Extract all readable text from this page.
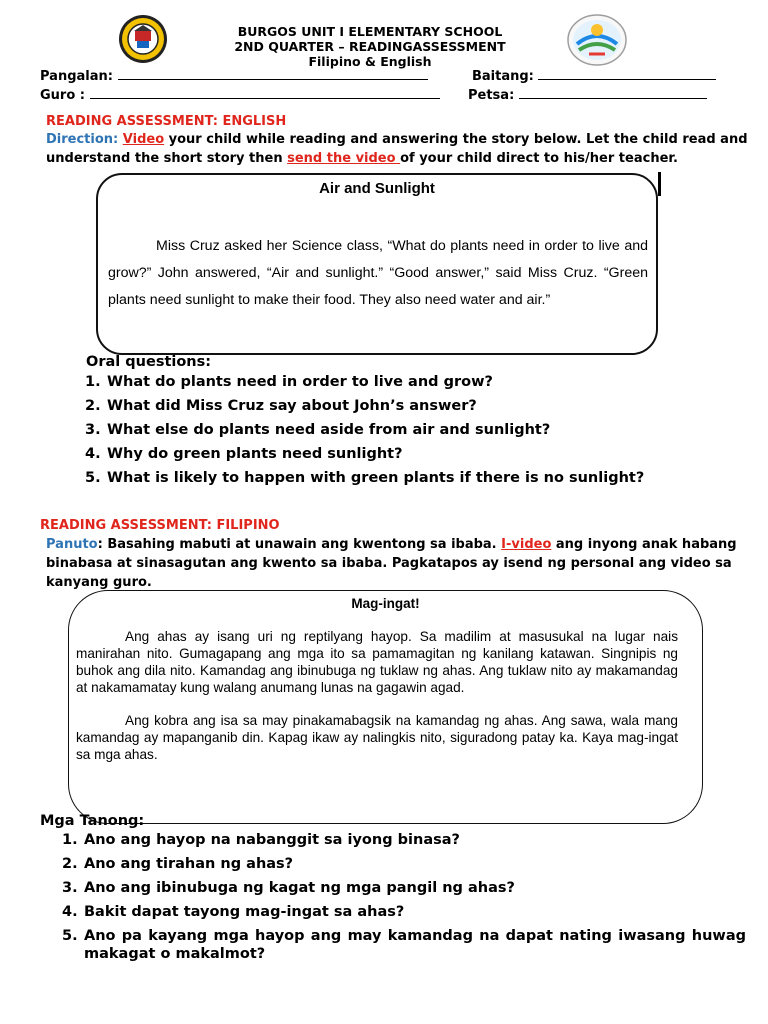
BURGOS UNIT I ELEMENTARY SCHOOL
2ND QUARTER – READINGASSESSMENT
Filipino & English
Pangalan:	Baitang:
Guro :	Petsa:
READING ASSESSMENT: ENGLISH
Direction: Video your child while reading and answering the story below. Let the child read and understand the short story then send the video of your child direct to his/her teacher.
Air and Sunlight

Miss Cruz asked her Science class, “What do plants need in order to live and grow?” John answered, “Air and sunlight.” “Good answer,” said Miss Cruz. “Green plants need sunlight to make their food. They also need water and air.”

Oral questions:
1. What do plants need in order to live and grow?
2. What did Miss Cruz say about John’s answer?
3. What else do plants need aside from air and sunlight?
4. Why do green plants need sunlight?
5. What is likely to happen with green plants if there is no sunlight?
READING ASSESSMENT: FILIPINO
Panuto: Basahing mabuti at unawain ang kwentong sa ibaba. I-video ang inyong anak habang binabasa at sinasagutan ang kwento sa ibaba. Pagkatapos ay isend ng personal ang video sa kanyang guro.
Mag-ingat!

Ang ahas ay isang uri ng reptilyang hayop. Sa madilim at masusukal na lugar nais manirahan nito. Gumagapang ang mga ito sa pamamagitan ng kanilang katawan. Singnipis ng buhok ang dila nito. Kamandag ang ibinubuga ng tuklaw ng ahas. Ang tuklaw nito ay makamandag at nakamamatay kung walang anumang lunas na gagawin agad.

Ang kobra ang isa sa may pinakamabagsik na kamandag ng ahas. Ang sawa, wala mang kamandag ay mapanganib din. Kapag ikaw ay nalingkis nito, siguradong patay ka. Kaya mag-ingat sa mga ahas.

Mga Tanong:
1. Ano ang hayop na nabanggit sa iyong binasa?
2. Ano ang tirahan ng ahas?
3. Ano ang ibinubuga ng kagat ng mga pangil ng ahas?
4. Bakit dapat tayong mag-ingat sa ahas?
5. Ano pa kayang mga hayop ang may kamandag na dapat nating iwasang huwag makagat o makalmot?
